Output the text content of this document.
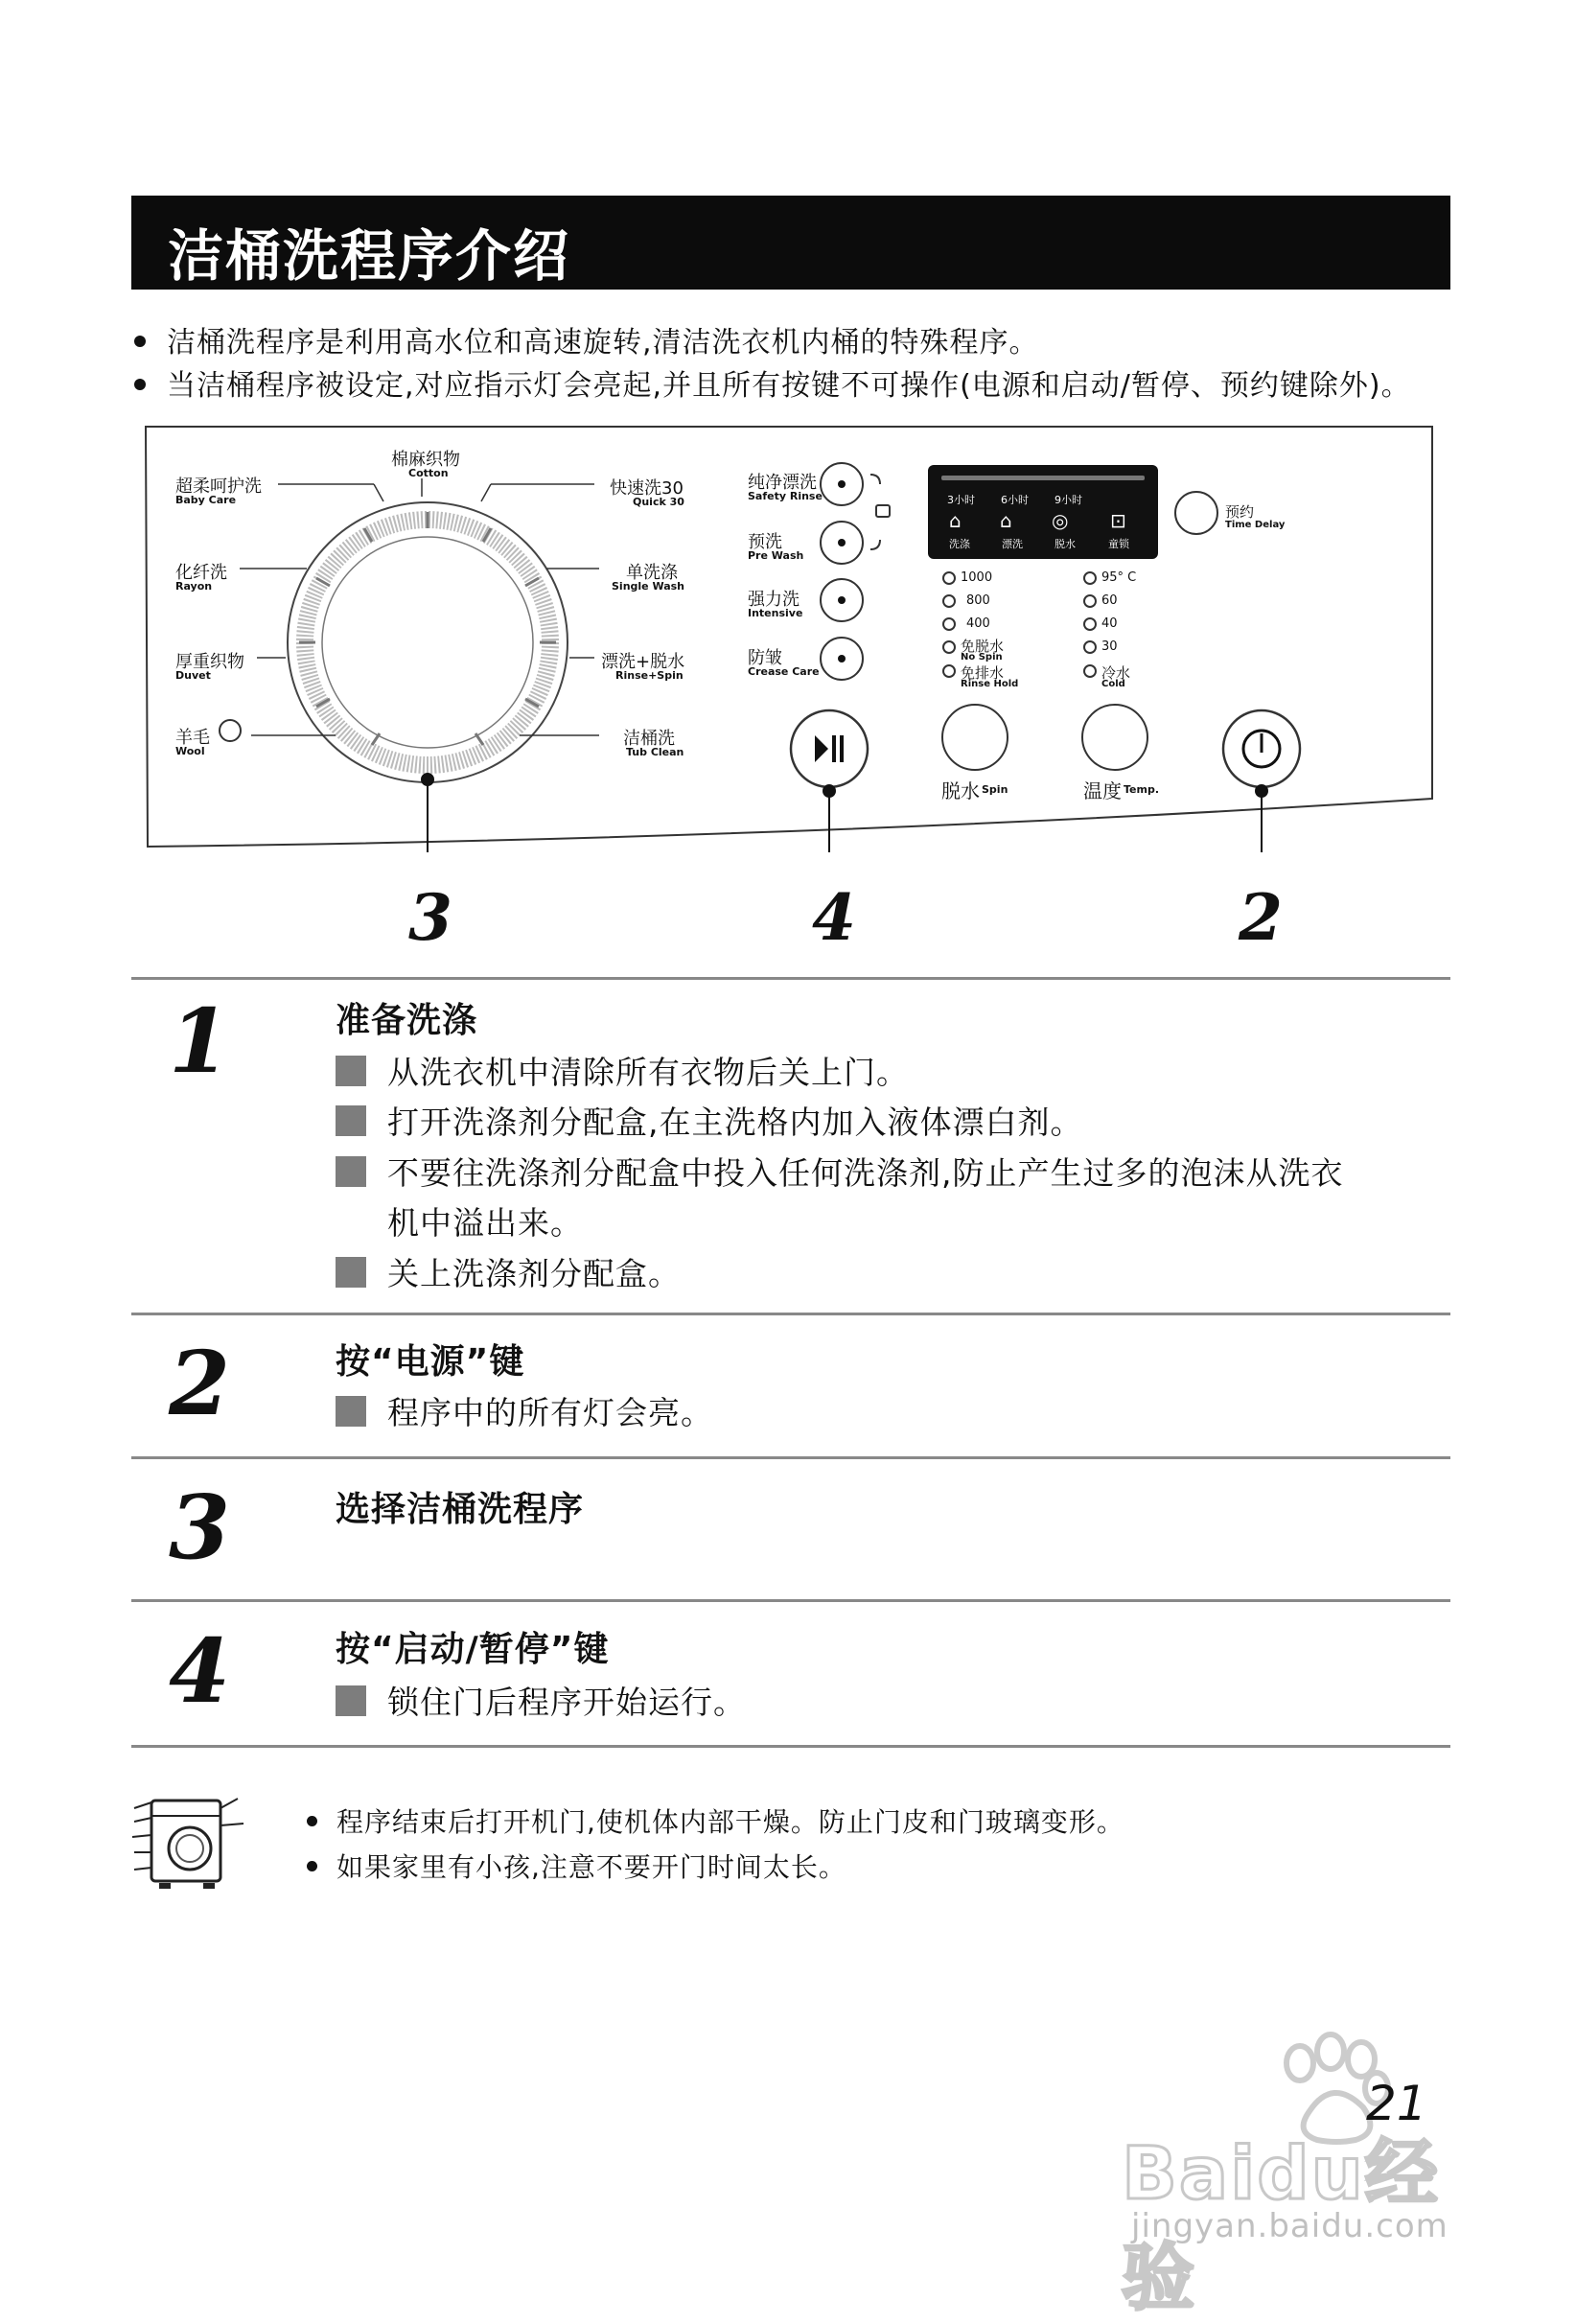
洁桶洗程序介绍
洁桶洗程序是利用高水位和高速旋转,清洁洗衣机内桶的特殊程序。
当洁桶程序被设定,对应指示灯会亮起,并且所有按键不可操作(电源和启动/暂停、预约键除外)。
棉麻织物
Cotton
超柔呵护洗
Baby Care
化纤洗
Rayon
厚重织物
Duvet
羊毛
Wool
快速洗30
Quick 30
单洗涤
Single Wash
漂洗+脱水
Rinse+Spin
洁桶洗
Tub Clean
纯净漂洗
Safety Rinse
预洗
Pre Wash
强力洗
Intensive
防皱
Crease Care
3小时 6小时 9小时
⌂ ⌂ ◎ ⊡
洗涤	漂洗	脱水	童锁
1000
800
400
免脱水
No Spin
免排水
Rinse Hold
95° C
60
40
30
冷水
Cold
脱水 Spin	温度 Temp.
预约
Time Delay
3	4	2
1	准备洗涤
从洗衣机中清除所有衣物后关上门。
打开洗涤剂分配盒,在主洗格内加入液体漂白剂。
不要往洗涤剂分配盒中投入任何洗涤剂,防止产生过多的泡沫从洗衣
机中溢出来。
关上洗涤剂分配盒。
2	按“电源”键
程序中的所有灯会亮。
3	选择洁桶洗程序
4	按“启动/暂停”键
锁住门后程序开始运行。
程序结束后打开机门,使机体内部干燥。防止门皮和门玻璃变形。
如果家里有小孩,注意不要开门时间太长。
Baidu经验
jingyan.baidu.com
21
